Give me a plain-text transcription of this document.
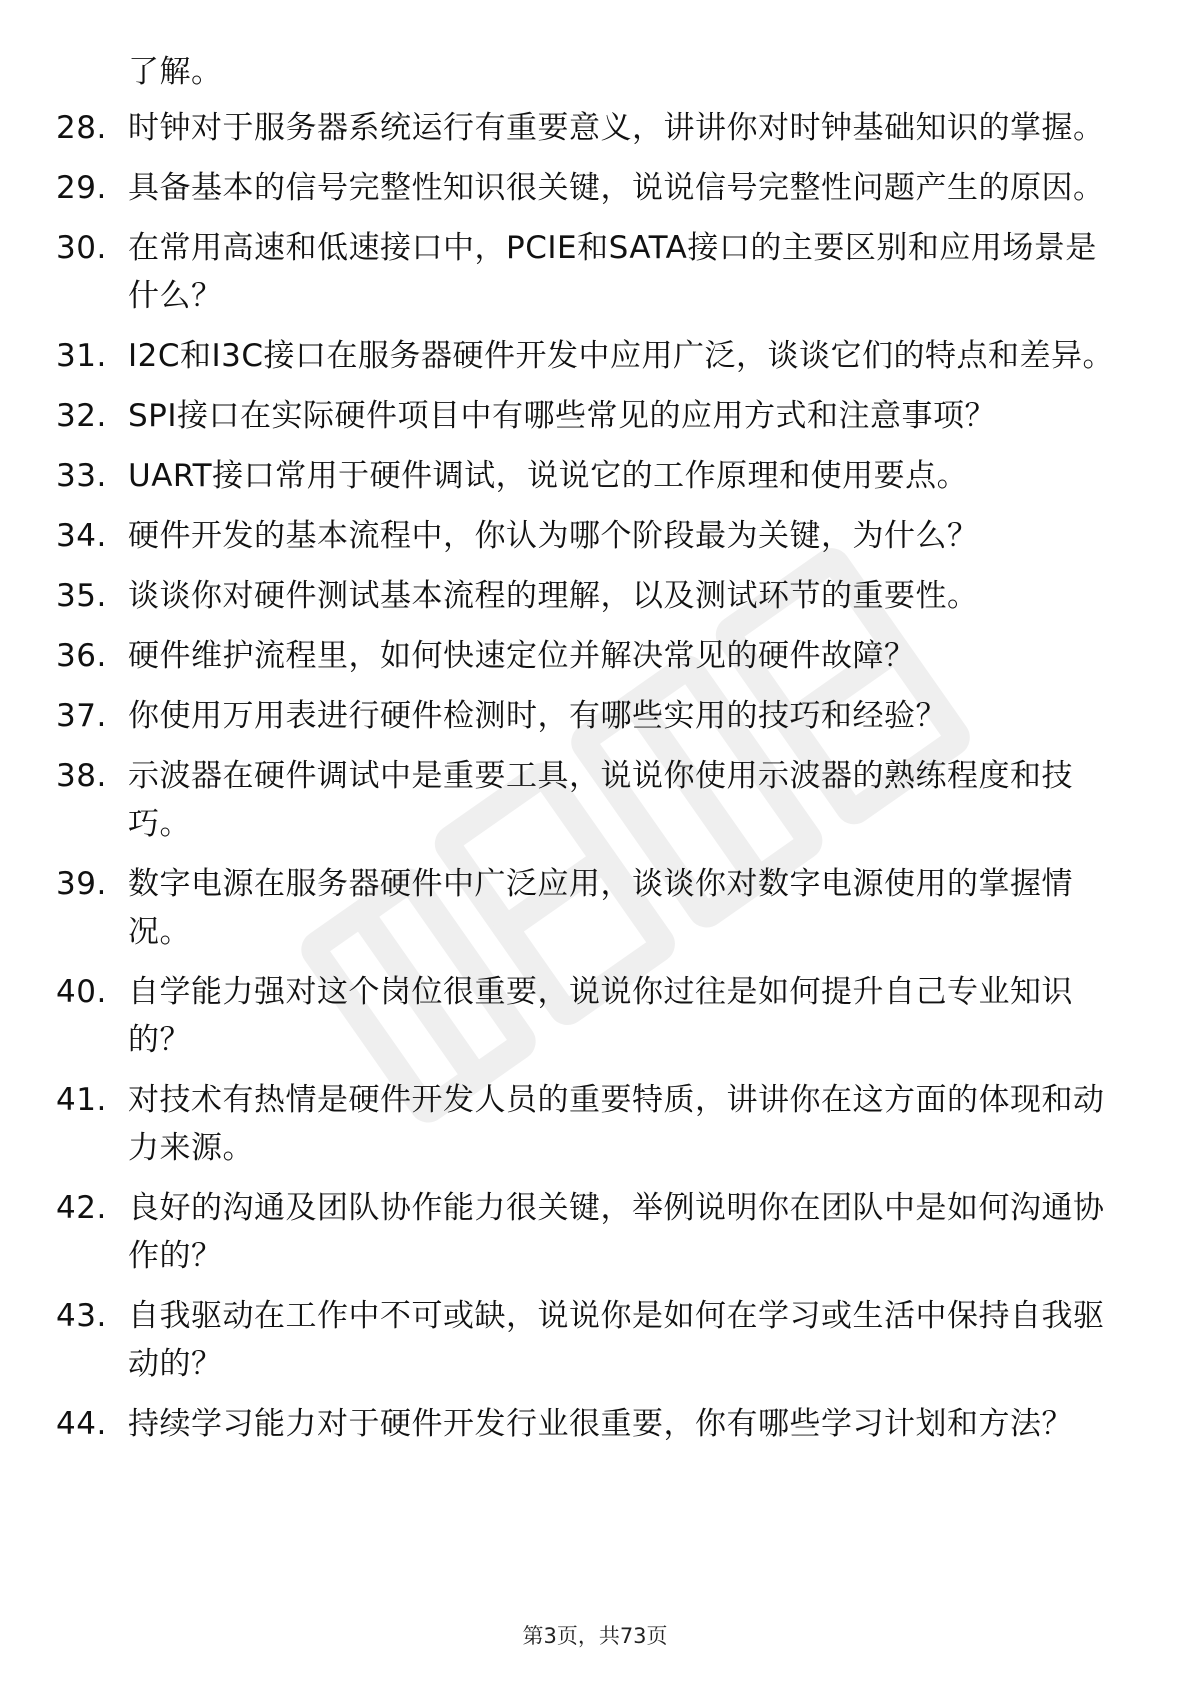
了解。
28. 时钟对于服务器系统运行有重要意义，讲讲你对时钟基础知识的掌握。
29. 具备基本的信号完整性知识很关键，说说信号完整性问题产生的原因。
30. 在常用高速和低速接口中，PCIE和SATA接口的主要区别和应用场景是什么？
31. I2C和I3C接口在服务器硬件开发中应用广泛，谈谈它们的特点和差异。
32. SPI接口在实际硬件项目中有哪些常见的应用方式和注意事项？
33. UART接口常用于硬件调试，说说它的工作原理和使用要点。
34. 硬件开发的基本流程中，你认为哪个阶段最为关键，为什么？
35. 谈谈你对硬件测试基本流程的理解，以及测试环节的重要性。
36. 硬件维护流程里，如何快速定位并解决常见的硬件故障？
37. 你使用万用表进行硬件检测时，有哪些实用的技巧和经验？
38. 示波器在硬件调试中是重要工具，说说你使用示波器的熟练程度和技巧。
39. 数字电源在服务器硬件中广泛应用，谈谈你对数字电源使用的掌握情况。
40. 自学能力强对这个岗位很重要，说说你过往是如何提升自己专业知识的？
41. 对技术有热情是硬件开发人员的重要特质，讲讲你在这方面的体现和动力来源。
42. 良好的沟通及团队协作能力很关键，举例说明你在团队中是如何沟通协作的？
43. 自我驱动在工作中不可或缺，说说你是如何在学习或生活中保持自我驱动的？
44. 持续学习能力对于硬件开发行业很重要，你有哪些学习计划和方法？
第3页，共73页
